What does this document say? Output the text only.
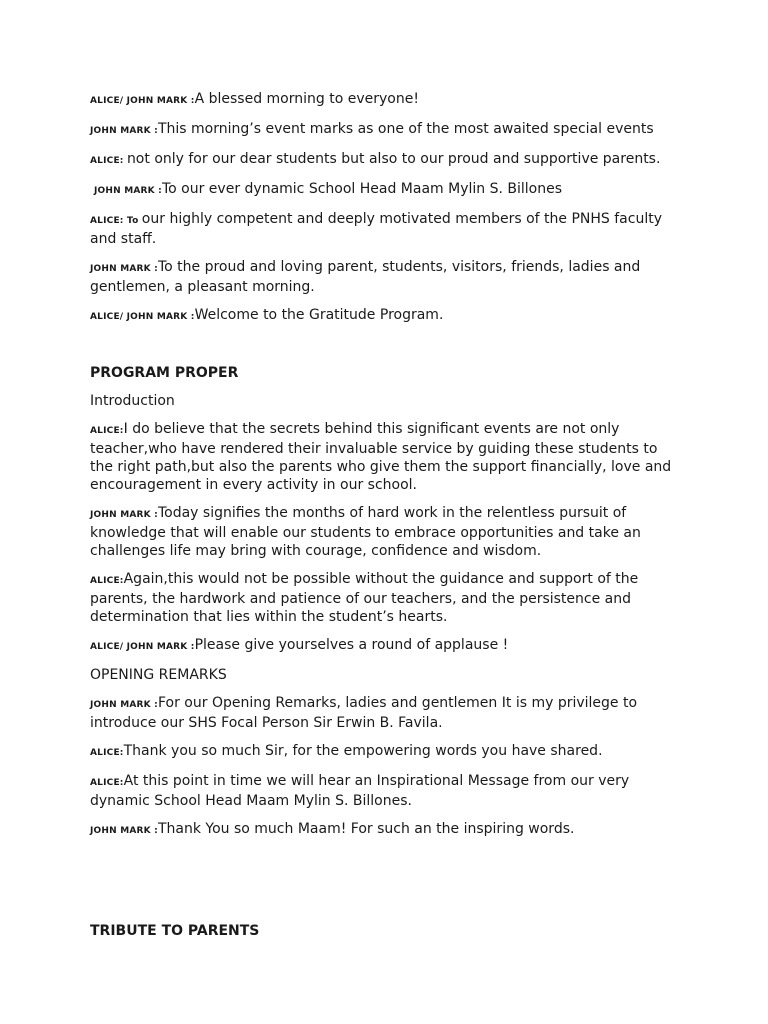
ALICE/ JOHN MARK :A blessed morning to everyone!

JOHN MARK :This morning’s event marks as one of the most awaited special events

ALICE: not only for our dear students but also to our proud and supportive parents.

JOHN MARK :To our ever dynamic School Head Maam Mylin S. Billones

ALICE: To our highly competent and deeply motivated members of the PNHS faculty and staff.

JOHN MARK :To the proud and loving parent, students, visitors, friends, ladies and gentlemen, a pleasant morning.

ALICE/ JOHN MARK :Welcome to the Gratitude Program.

PROGRAM PROPER

Introduction

ALICE:I do believe that the secrets behind this significant events are not only teacher,who have rendered their invaluable service by guiding these students to the right path,but also the parents who give them the support financially, love and encouragement in every activity in our school.

JOHN MARK :Today signifies the months of hard work in the relentless pursuit of knowledge that will enable our students to embrace opportunities and take an challenges life may bring with courage, confidence and wisdom.

ALICE:Again,this would not be possible without the guidance and support of the parents, the hardwork and patience of our teachers, and the persistence and determination that lies within the student’s hearts.

ALICE/ JOHN MARK :Please give yourselves a round of applause !

OPENING REMARKS

JOHN MARK :For our Opening Remarks, ladies and gentlemen It is my privilege to introduce our SHS Focal Person Sir Erwin B. Favila.

ALICE:Thank you so much Sir, for the empowering words you have shared.

ALICE:At this point in time we will hear an Inspirational Message from our very dynamic School Head Maam Mylin S. Billones.

JOHN MARK :Thank You so much Maam! For such an the inspiring words.

TRIBUTE TO PARENTS
